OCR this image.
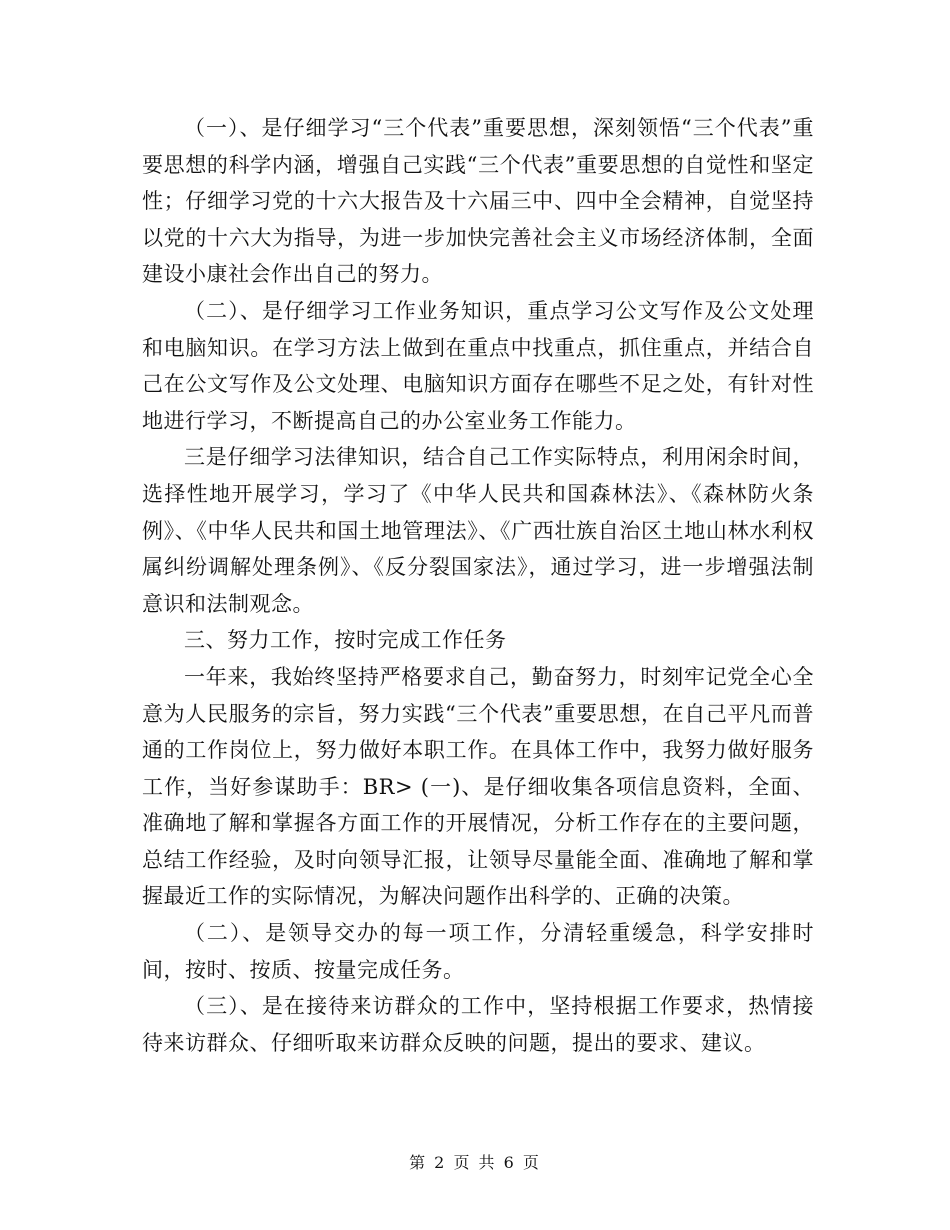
（一）、是仔细学习“三个代表”重要思想，深刻领悟“三个代表”重要思想的科学内涵，增强自己实践“三个代表”重要思想的自觉性和坚定性；仔细学习党的十六大报告及十六届三中、四中全会精神，自觉坚持以党的十六大为指导，为进一步加快完善社会主义市场经济体制，全面建设小康社会作出自己的努力。

（二）、是仔细学习工作业务知识，重点学习公文写作及公文处理和电脑知识。在学习方法上做到在重点中找重点，抓住重点，并结合自己在公文写作及公文处理、电脑知识方面存在哪些不足之处，有针对性地进行学习，不断提高自己的办公室业务工作能力。

三是仔细学习法律知识，结合自己工作实际特点，利用闲余时间，选择性地开展学习，学习了《中华人民共和国森林法》、《森林防火条例》、《中华人民共和国土地管理法》、《广西壮族自治区土地山林水利权属纠纷调解处理条例》、《反分裂国家法》，通过学习，进一步增强法制意识和法制观念。

三、努力工作，按时完成工作任务

一年来，我始终坚持严格要求自己，勤奋努力，时刻牢记党全心全意为人民服务的宗旨，努力实践“三个代表”重要思想，在自己平凡而普通的工作岗位上，努力做好本职工作。在具体工作中，我努力做好服务工作，当好参谋助手：BR> (一)、是仔细收集各项信息资料，全面、准确地了解和掌握各方面工作的开展情况，分析工作存在的主要问题，总结工作经验，及时向领导汇报，让领导尽量能全面、准确地了解和掌握最近工作的实际情况，为解决问题作出科学的、正确的决策。

（二）、是领导交办的每一项工作，分清轻重缓急，科学安排时间，按时、按质、按量完成任务。

（三）、是在接待来访群众的工作中，坚持根据工作要求，热情接待来访群众、仔细听取来访群众反映的问题，提出的要求、建议。

第 2 页 共 6 页
